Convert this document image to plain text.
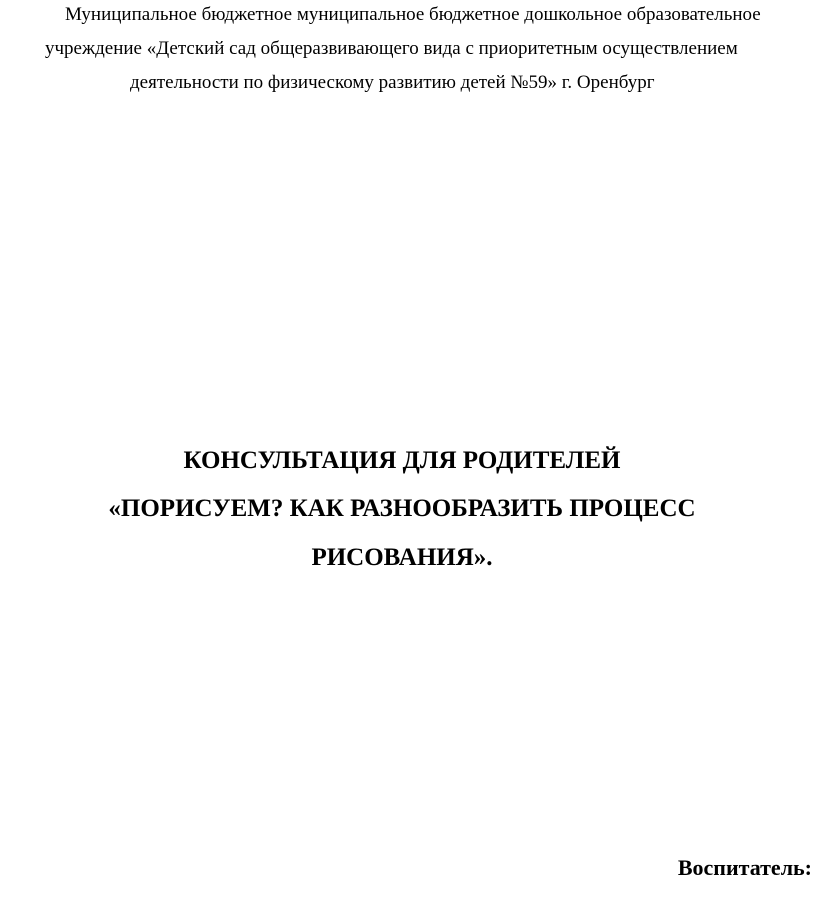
Муниципальное бюджетное муниципальное бюджетное дошкольное образовательное
учреждение «Детский сад общеразвивающего вида с приоритетным осуществлением
деятельности по физическому развитию детей №59» г. Оренбург
КОНСУЛЬТАЦИЯ ДЛЯ РОДИТЕЛЕЙ
«ПОРИСУЕМ? КАК РАЗНООБРАЗИТЬ ПРОЦЕСС
РИСОВАНИЯ».
Воспитатель:
